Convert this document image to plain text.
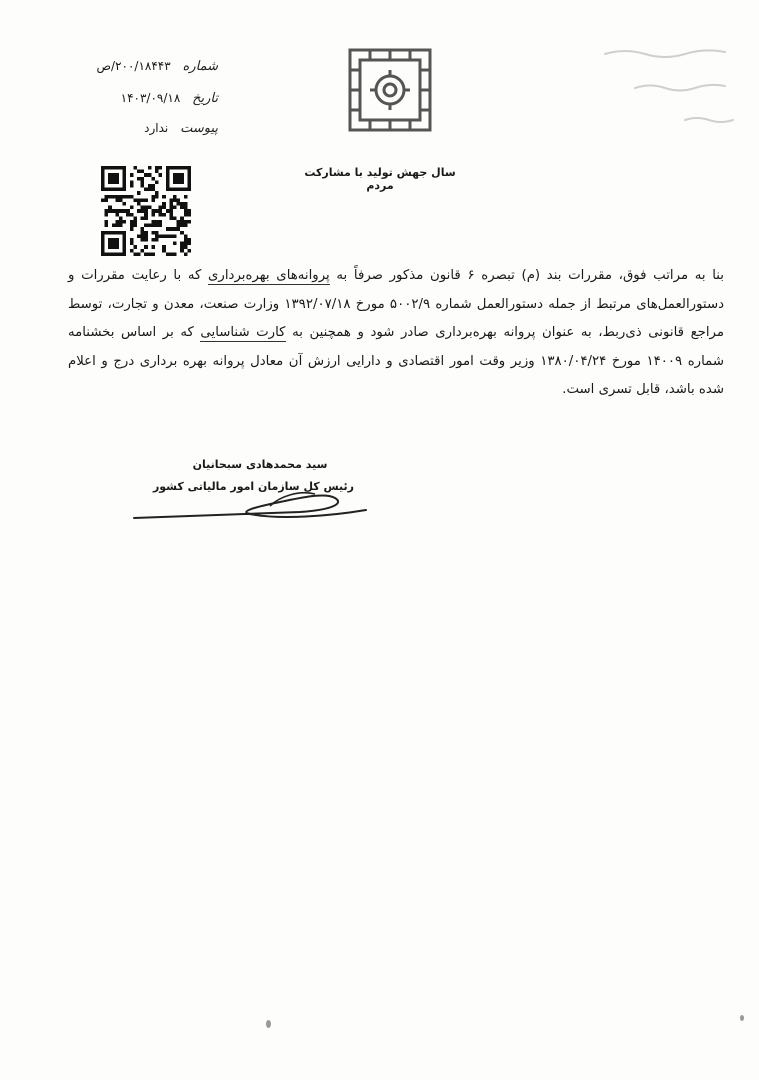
شماره ۲۰۰/۱۸۴۴۳/ص
تاریخ ۱۴۰۳/۰۹/۱۸
پیوست ندارد
سال جهش تولید با مشارکت مردم
بنا به مراتب فوق، مقررات بند (م) تبصره ۶ قانون مذکور صرفاً به پروانه‌های بهره‌برداری که با رعایت مقررات و دستورالعمل‌های مرتبط از جمله دستورالعمل شماره ۵۰۰۲/۹ مورخ ۱۳۹۲/۰۷/۱۸ وزارت صنعت، معدن و تجارت، توسط مراجع قانونی ذی‌ربط، به عنوان پروانه بهره‌برداری صادر شود و همچنین به کارت شناسایی که بر اساس بخشنامه شماره ۱۴۰۰۹ مورخ ۱۳۸۰/۰۴/۲۴ وزیر وقت امور اقتصادی و دارایی ارزش آن معادل پروانه بهره برداری درج و اعلام شده باشد، قابل تسری است.
سید محمدهادی سبحانیان
رئیس کل سازمان امور مالیاتی کشور
